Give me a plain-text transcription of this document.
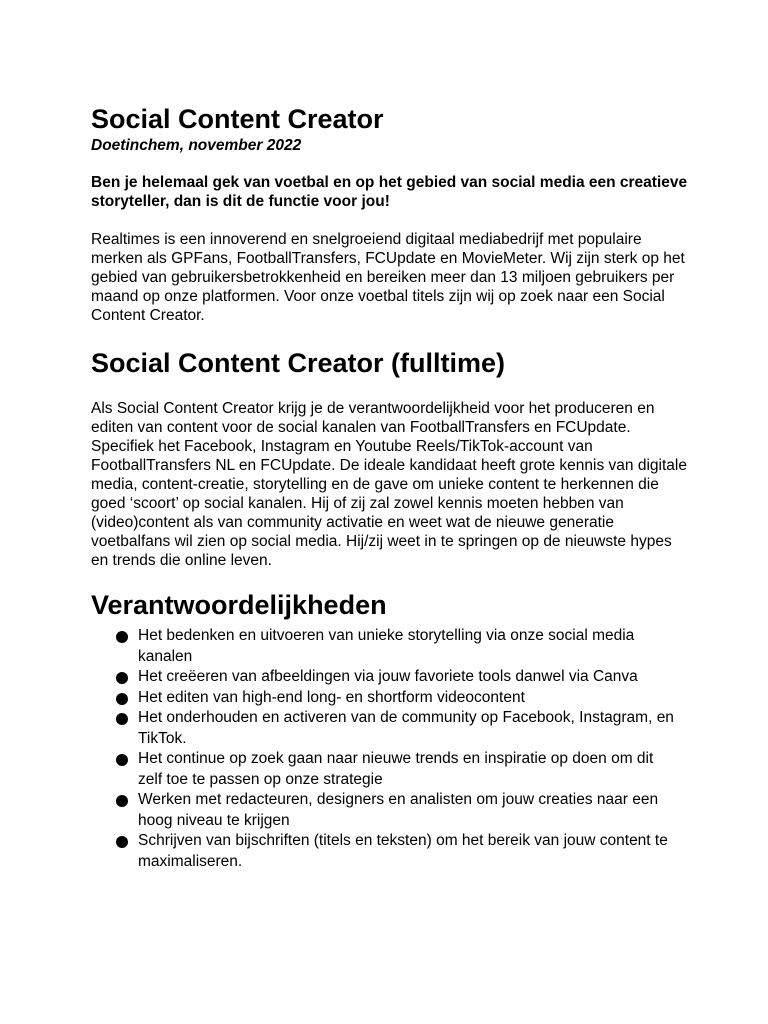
Social Content Creator

Doetinchem, november 2022

Ben je helemaal gek van voetbal en op het gebied van social media een creatieve storyteller, dan is dit de functie voor jou!

Realtimes is een innoverend en snelgroeiend digitaal mediabedrijf met populaire merken als GPFans, FootballTransfers, FCUpdate en MovieMeter. Wij zijn sterk op het gebied van gebruikersbetrokkenheid en bereiken meer dan 13 miljoen gebruikers per maand op onze platformen. Voor onze voetbal titels zijn wij op zoek naar een Social Content Creator.

Social Content Creator (fulltime)

Als Social Content Creator krijg je de verantwoordelijkheid voor het produceren en editen van content voor de social kanalen van FootballTransfers en FCUpdate. Specifiek het Facebook, Instagram en Youtube Reels/TikTok-account van FootballTransfers NL en FCUpdate. De ideale kandidaat heeft grote kennis van digitale media, content-creatie, storytelling en de gave om unieke content te herkennen die goed ‘scoort’ op social kanalen. Hij of zij zal zowel kennis moeten hebben van (video)content als van community activatie en weet wat de nieuwe generatie voetbalfans wil zien op social media. Hij/zij weet in te springen op de nieuwste hypes en trends die online leven.

Verantwoordelijkheden
Het bedenken en uitvoeren van unieke storytelling via onze social media kanalen
Het creëeren van afbeeldingen via jouw favoriete tools danwel via Canva
Het editen van high-end long- en shortform videocontent
Het onderhouden en activeren van de community op Facebook, Instagram, en TikTok.
Het continue op zoek gaan naar nieuwe trends en inspiratie op doen om dit zelf toe te passen op onze strategie
Werken met redacteuren, designers en analisten om jouw creaties naar een hoog niveau te krijgen
Schrijven van bijschriften (titels en teksten) om het bereik van jouw content te maximaliseren.
